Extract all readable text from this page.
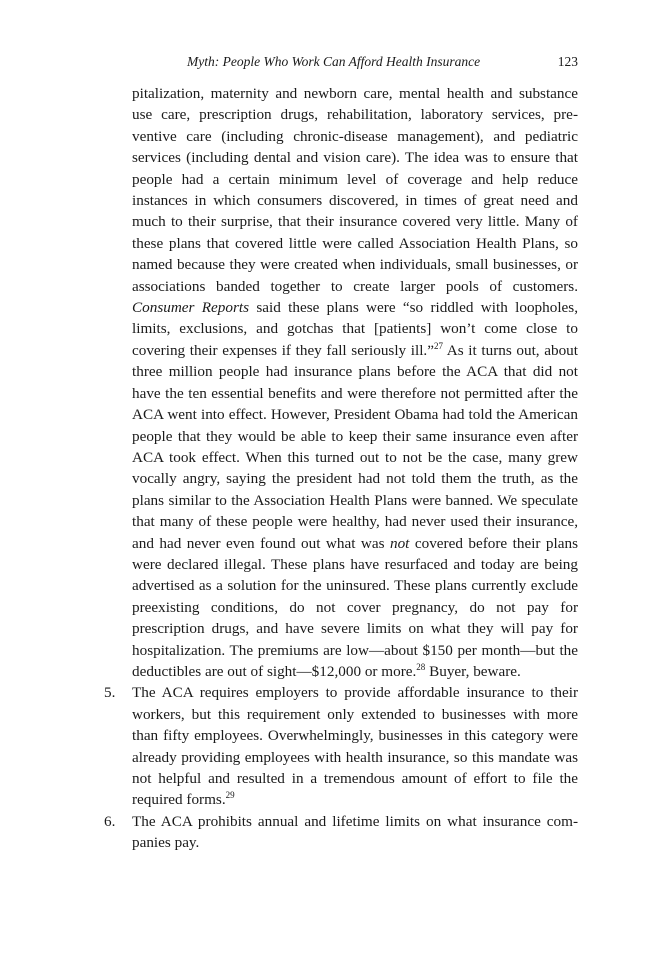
Myth: People Who Work Can Afford Health Insurance	123

pitalization, maternity and newborn care, mental health and substance use care, prescription drugs, rehabilitation, laboratory services, preventive care (including chronic-disease management), and pediatric services (including dental and vision care). The idea was to ensure that people had a certain minimum level of coverage and help reduce instances in which consumers discovered, in times of great need and much to their surprise, that their insurance covered very little. Many of these plans that covered little were called Association Health Plans, so named because they were created when individuals, small businesses, or associations banded together to create larger pools of customers. Consumer Reports said these plans were “so riddled with loopholes, limits, exclusions, and gotchas that [patients] won’t come close to covering their expenses if they fall seriously ill.”$^{27}$ As it turns out, about three million people had insurance plans before the ACA that did not have the ten essential benefits and were therefore not permitted after the ACA went into effect. However, President Obama had told the American people that they would be able to keep their same insurance even after ACA took effect. When this turned out to not be the case, many grew vocally angry, saying the president had not told them the truth, as the plans similar to the Association Health Plans were banned. We speculate that many of these people were healthy, had never used their insurance, and had never even found out what was not covered before their plans were declared illegal. These plans have resurfaced and today are being advertised as a solution for the uninsured. These plans currently exclude preexisting conditions, do not cover pregnancy, do not pay for prescription drugs, and have severe limits on what they will pay for hospitalization. The premiums are low—about $150 per month—but the deductibles are out of sight—$12,000 or more.$^{28}$ Buyer, beware.

5. The ACA requires employers to provide affordable insurance to their workers, but this requirement only extended to businesses with more than fifty employees. Overwhelmingly, businesses in this category were already providing employees with health insurance, so this mandate was not helpful and resulted in a tremendous amount of effort to file the required forms.$^{29}$

6. The ACA prohibits annual and lifetime limits on what insurance companies pay.
